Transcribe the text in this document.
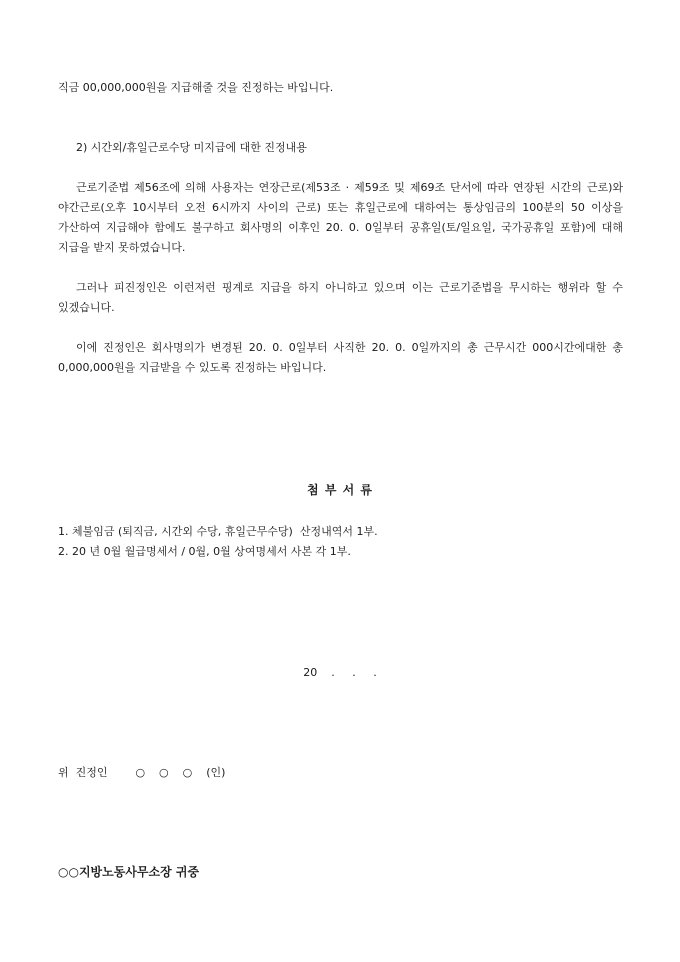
직금 00,000,000원을 지급해줄 것을 진정하는 바입니다.
2) 시간외/휴일근로수당 미지급에 대한 진정내용
근로기준법 제56조에 의해 사용자는 연장근로(제53조 · 제59조 및 제69조 단서에 따라 연장된 시간의 근로)와 야간근로(오후 10시부터 오전 6시까지 사이의 근로) 또는 휴일근로에 대하여는 통상임금의 100분의 50 이상을 가산하여 지급해야 함에도 불구하고 회사명의 이후인 20. 0. 0일부터 공휴일(토/일요일, 국가공휴일 포함)에 대해 지급을 받지 못하였습니다.
그러나 피진정인은 이런저런 핑계로 지급을 하지 아니하고 있으며 이는 근로기준법을 무시하는 행위라 할 수 있겠습니다.
이에 진정인은 회사명의가 변경된 20. 0. 0일부터 사직한 20. 0. 0일까지의 총 근무시간 000시간에대한 총 0,000,000원을 지급받을 수 있도록 진정하는 바입니다.
첨 부 서 류
1. 체불임금 (퇴직금, 시간외 수당, 휴일근무수당)  산정내역서 1부.
2. 20 년 0월 월급명세서 / 0월, 0월 상여명세서 사본 각 1부.
20    .     .     .
위  진정인        ○    ○    ○    (인)
○○지방노동사무소장 귀중
